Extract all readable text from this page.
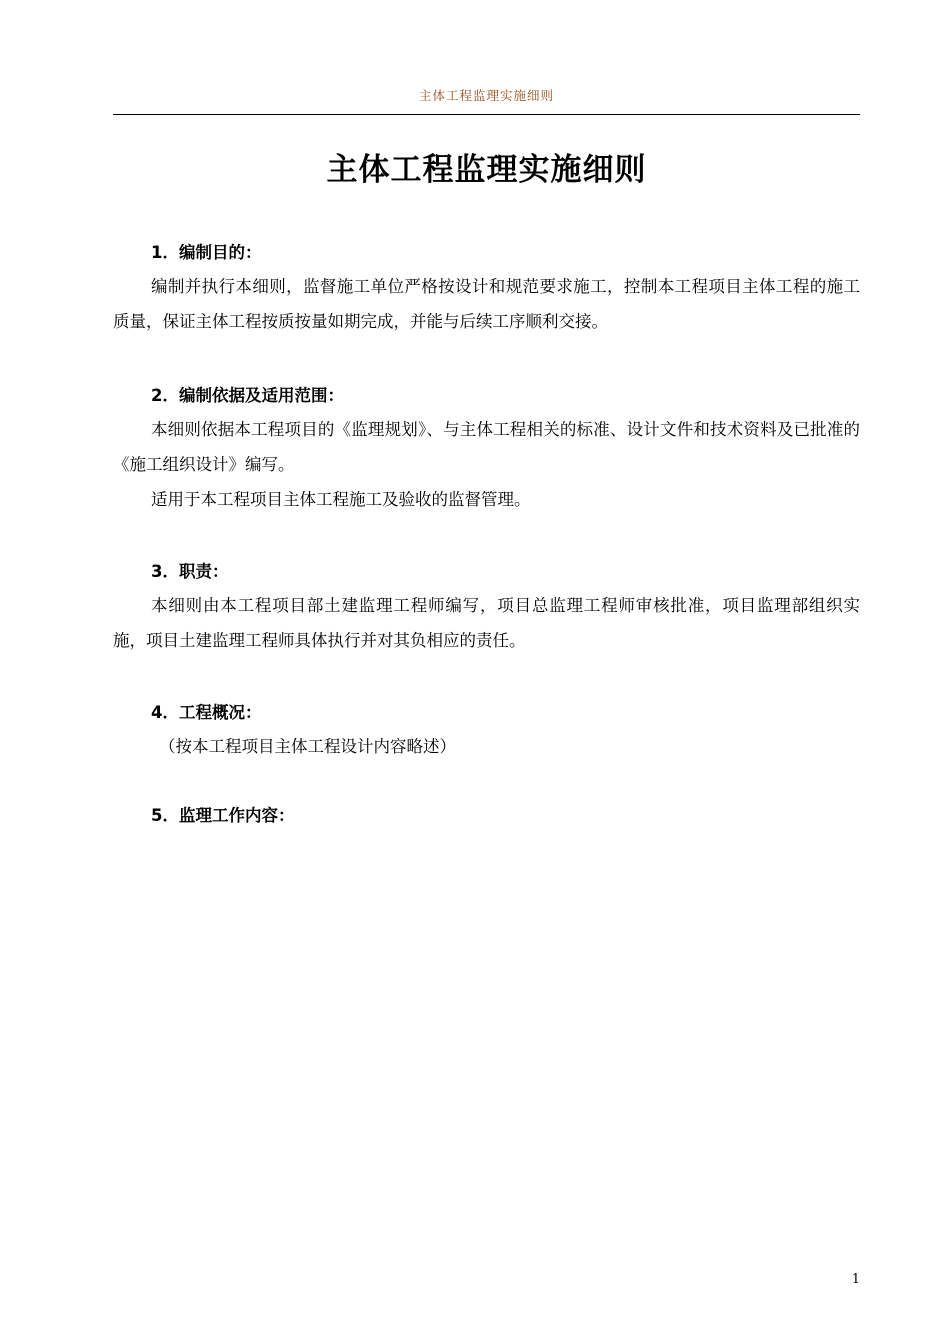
主体工程监理实施细则
主体工程监理实施细则
1．编制目的：

编制并执行本细则，监督施工单位严格按设计和规范要求施工，控制本工程项目主体工程的施工质量，保证主体工程按质按量如期完成，并能与后续工序顺利交接。

2．编制依据及适用范围：

本细则依据本工程项目的《监理规划》、与主体工程相关的标准、设计文件和技术资料及已批准的《施工组织设计》编写。

适用于本工程项目主体工程施工及验收的监督管理。

3．职责：

本细则由本工程项目部土建监理工程师编写，项目总监理工程师审核批准，项目监理部组织实施，项目土建监理工程师具体执行并对其负相应的责任。

4．工程概况：

（按本工程项目主体工程设计内容略述）

5．监理工作内容：
1
